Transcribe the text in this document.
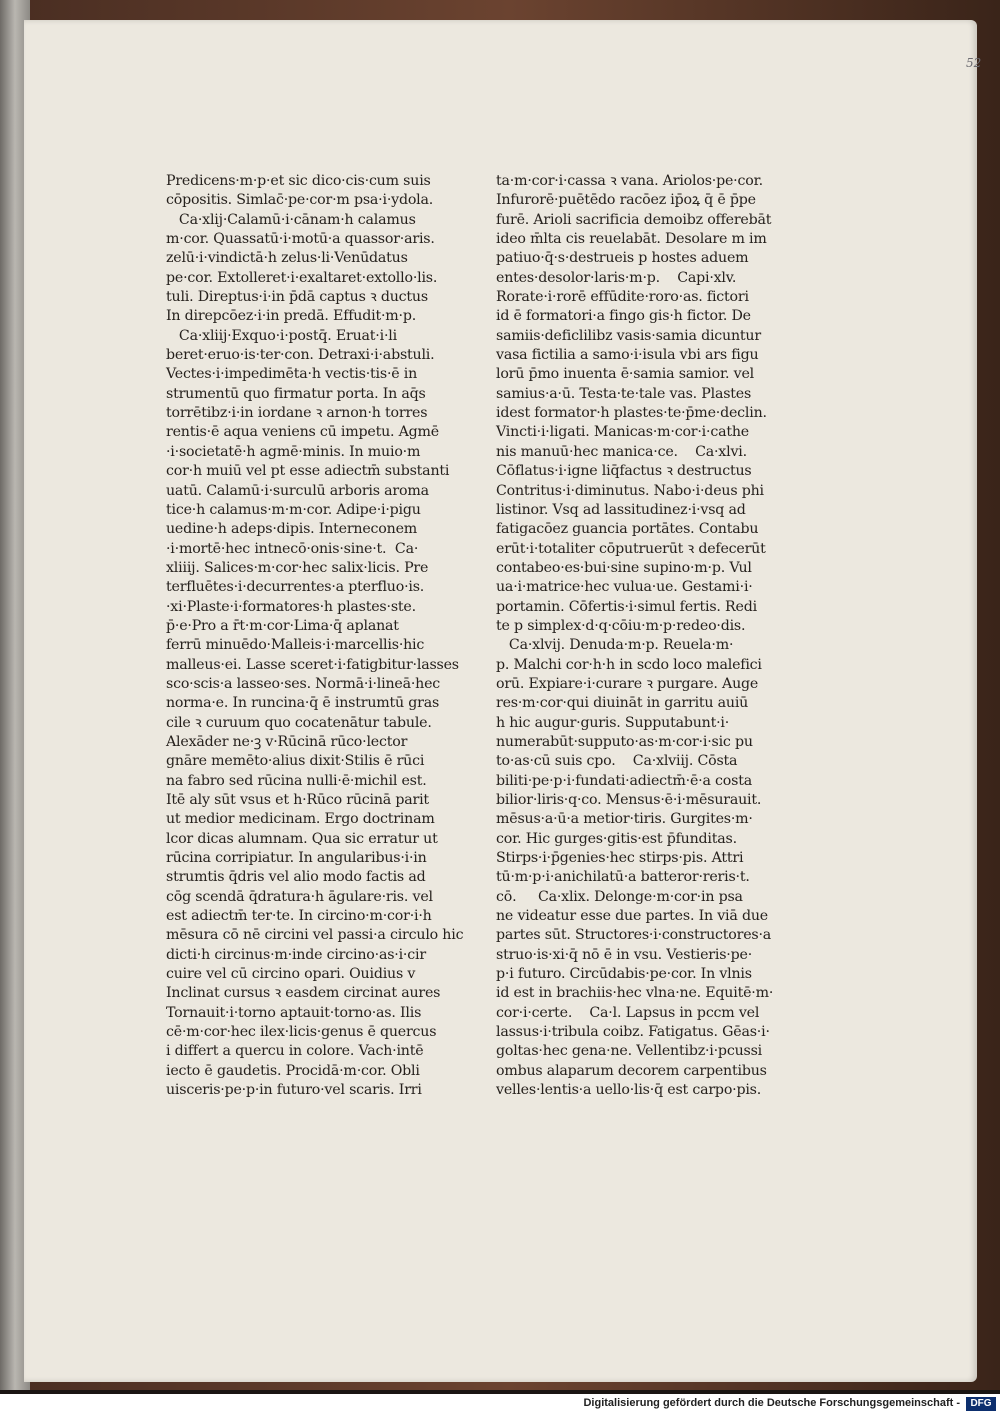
52
Predicens·m·p·et sic dico·cis·cum suis
cōpositis. Simlac̄·pe·cor·m psa·i·ydola.
Ca·xlij·Calamū·i·cānam·h calamus
m·cor. Quassatū·i·motū·a quassor·aris.
zelū·i·vindictā·h zelus·li·Venūdatus
pe·cor. Extolleret·i·exaltaret·extollo·lis.
tuli. Direptus·i·in p̄dā captus ꝛ ductus
In direpcōez·i·in predā. Effudit·m·p.
Ca·xliij·Exquo·i·postq̄. Eruat·i·li
beret·eruo·is·ter·con. Detraxi·i·abstuli.
Vectes·i·impedimēta·h vectis·tis·ē in
strumentū quo firmatur porta. In aq̄s
torrētibz·i·in iordane ꝛ arnon·h torres
rentis·ē aqua veniens cū impetu. Agmē
·i·societatē·h agmē·minis. In muio·m
cor·h muiū vel pt esse adiectm̄ substanti
uatū. Calamū·i·surculū arboris aroma
tice·h calamus·m·m·cor. Adipe·i·pigu
uedine·h adeps·dipis. Interneconem
·i·mortē·hec intnecō·onis·sine·t.  Ca·
xliiij. Salices·m·cor·hec salix·licis. Pre
terfluētes·i·decurrentes·a pterfluo·is.
·xi·Plaste·i·formatores·h plastes·ste.
p̄·e·Pro a r̄t·m·cor·Lima·q̄ aplanat
ferrū minuēdo·Malleis·i·marcellis·hic
malleus·ei. Lasse sceret·i·fatigbitur·lasses
sco·scis·a lasseo·ses. Normā·i·lineā·hec
norma·e. In runcina·q̄ ē instrumtū gras
cile ꝛ curuum quo cocatenātur tabule.
Alexāder ne·ꝫ v·Rūcinā rūco·lector
gnāre memēto·alius dixit·Stilis ē rūci
na fabro sed rūcina nulli·ē·michil est.
Itē aly sūt vsus et h·Rūco rūcinā parit
ut medior medicinam. Ergo doctrinam
lcor dicas alumnam. Qua sic erratur ut
rūcina corripiatur. In angularibus·i·in
strumtis q̄dris vel alio modo factis ad
cōg scendā q̄dratura·h āgulare·ris. vel
est adiectm̄ ter·te. In circino·m·cor·i·h
mēsura cō nē circini vel passi·a circulo hic
dicti·h circinus·m·inde circino·as·i·cir
cuire vel cū circino opari. Ouidius v
Inclinat cursus ꝛ easdem circinat aures
Tornauit·i·torno aptauit·torno·as. Ilis
cē·m·cor·hec ilex·licis·genus ē quercus
i differt a quercu in colore. Vach·intē
iecto ē gaudetis. Procidā·m·cor. Obli
uisceris·pe·p·in futuro·vel scaris. Irri
ta·m·cor·i·cassa ꝛ vana. Ariolos·pe·cor.
Infurorē·puētēdo racōez ip̄oꝝ q̄ ē p̄pe
furē. Arioli sacrificia demoibz offerebāt
ideo m̄lta cis reuelabāt. Desolare m im
patiuo·q̄·s·destrueis p hostes aduem
entes·desolor·laris·m·p.    Capi·xlv.
Rorate·i·rorē effūdite·roro·as. fictori
id ē formatori·a fingo gis·h fictor. De
samiis·deficlilibz vasis·samia dicuntur
vasa fictilia a samo·i·isula vbi ars figu
lorū p̄mo inuenta ē·samia samior. vel
samius·a·ū. Testa·te·tale vas. Plastes
idest formator·h plastes·te·p̄me·declin.
Vincti·i·ligati. Manicas·m·cor·i·cathe
nis manuū·hec manica·ce.    Ca·xlvi.
Cōflatus·i·igne liq̄factus ꝛ destructus
Contritus·i·diminutus. Nabo·i·deus phi
listinor. Vsq ad lassitudinez·i·vsq ad
fatigacōez guancia portātes. Contabu
erūt·i·totaliter cōputruerūt ꝛ defecerūt
contabeo·es·bui·sine supino·m·p. Vul
ua·i·matrice·hec vulua·ue. Gestami·i·
portamin. Cōfertis·i·simul fertis. Redi
te p simplex·d·q·cōiu·m·p·redeo·dis.
Ca·xlvij. Denuda·m·p. Reuela·m·
p. Malchi cor·h·h in scdo loco malefici
orū. Expiare·i·curare ꝛ purgare. Auge
res·m·cor·qui diuināt in garritu auiū
h hic augur·guris. Supputabunt·i·
numerabūt·supputo·as·m·cor·i·sic pu
to·as·cū suis cpo.    Ca·xlviij. Cōsta
biliti·pe·p·i·fundati·adiectm̄·ē·a costa
bilior·liris·q·co. Mensus·ē·i·mēsurauit.
mēsus·a·ū·a metior·tiris. Gurgites·m·
cor. Hic gurges·gitis·est p̄funditas.
Stirps·i·p̄genies·hec stirps·pis. Attri
tū·m·p·i·anichilatū·a batteror·reris·t.
cō.     Ca·xlix. Delonge·m·cor·in psa
ne videatur esse due partes. In viā due
partes sūt. Structores·i·constructores·a
struo·is·xi·q̄ nō ē in vsu. Vestieris·pe·
p·i futuro. Circūdabis·pe·cor. In vlnis
id est in brachiis·hec vlna·ne. Equitē·m·
cor·i·certe.    Ca·l. Lapsus in pccm vel
lassus·i·tribula coibz. Fatigatus. Gēas·i·
goltas·hec gena·ne. Vellentibz·i·pcussi
ombus alaparum decorem carpentibus
velles·lentis·a uello·lis·q̄ est carpo·pis.
Digitalisierung gefördert durch die Deutsche Forschungsgemeinschaft -	DFG
